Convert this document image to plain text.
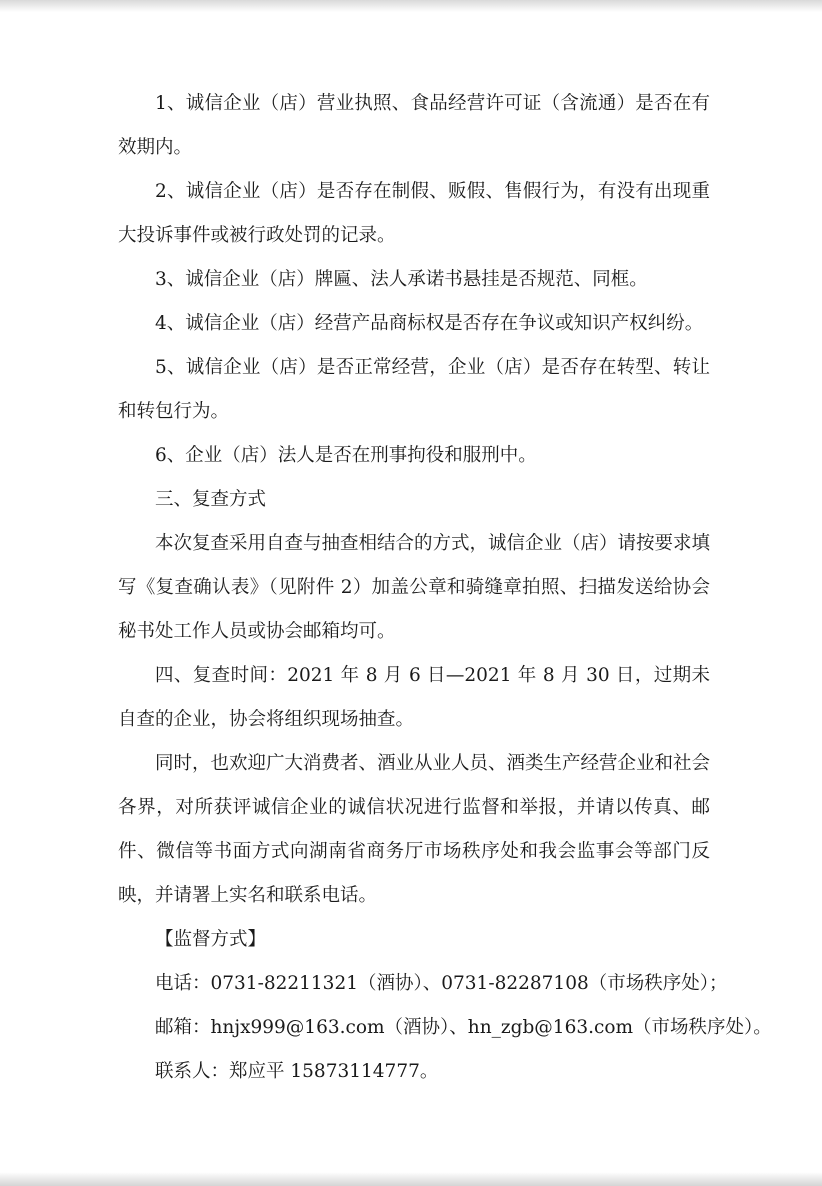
1、诚信企业（店）营业执照、食品经营许可证（含流通）是否在有效期内。

2、诚信企业（店）是否存在制假、贩假、售假行为，有没有出现重大投诉事件或被行政处罚的记录。

3、诚信企业（店）牌匾、法人承诺书悬挂是否规范、同框。

4、诚信企业（店）经营产品商标权是否存在争议或知识产权纠纷。

5、诚信企业（店）是否正常经营，企业（店）是否存在转型、转让和转包行为。

6、企业（店）法人是否在刑事拘役和服刑中。

三、复查方式

本次复查采用自查与抽查相结合的方式，诚信企业（店）请按要求填写《复查确认表》（见附件 2）加盖公章和骑缝章拍照、扫描发送给协会秘书处工作人员或协会邮箱均可。

四、复查时间：2021 年 8 月 6 日—2021 年 8 月 30 日，过期未自查的企业，协会将组织现场抽查。

同时，也欢迎广大消费者、酒业从业人员、酒类生产经营企业和社会各界，对所获评诚信企业的诚信状况进行监督和举报，并请以传真、邮件、微信等书面方式向湖南省商务厅市场秩序处和我会监事会等部门反映，并请署上实名和联系电话。

【监督方式】

电话：0731-82211321（酒协）、0731-82287108（市场秩序处）；

邮箱：hnjx999@163.com（酒协）、hn_zgb@163.com（市场秩序处）。

联系人：郑应平 15873114777。
